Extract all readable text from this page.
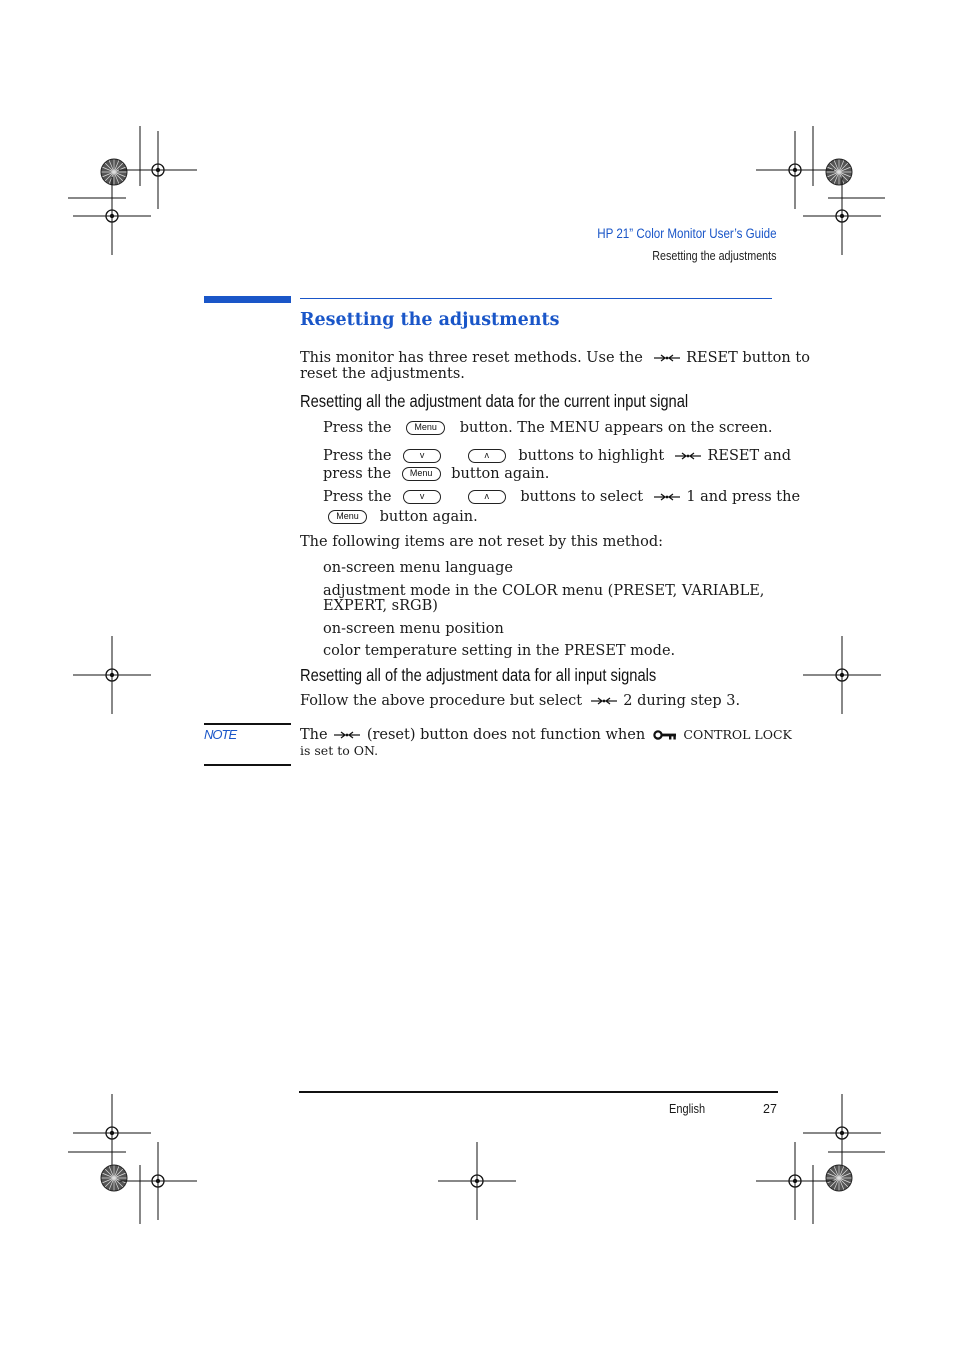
HP 21” Color Monitor User’s Guide
Resetting the adjustments
Resetting the adjustments
This monitor has three reset methods. Use the	RESET button to
reset the adjustments.
Resetting all the adjustment data for the current input signal
Press the	Menu button. The MENU appears on the screen.
Press the	v	ʌ buttons to highlight	RESET and
press the Menu button again.
Press the	v	ʌ buttons to select	1 and press the
Menu button again.
The following items are not reset by this method:
on-screen menu language
adjustment mode in the COLOR menu (PRESET, VARIABLE,
EXPERT, sRGB)
on-screen menu position
color temperature setting in the PRESET mode.
Resetting all of the adjustment data for all input signals
Follow the above procedure but select	2 during step 3.
NOTE	The	(reset) button does not function when	CONTROL LOCK
is set to ON.
English	27
